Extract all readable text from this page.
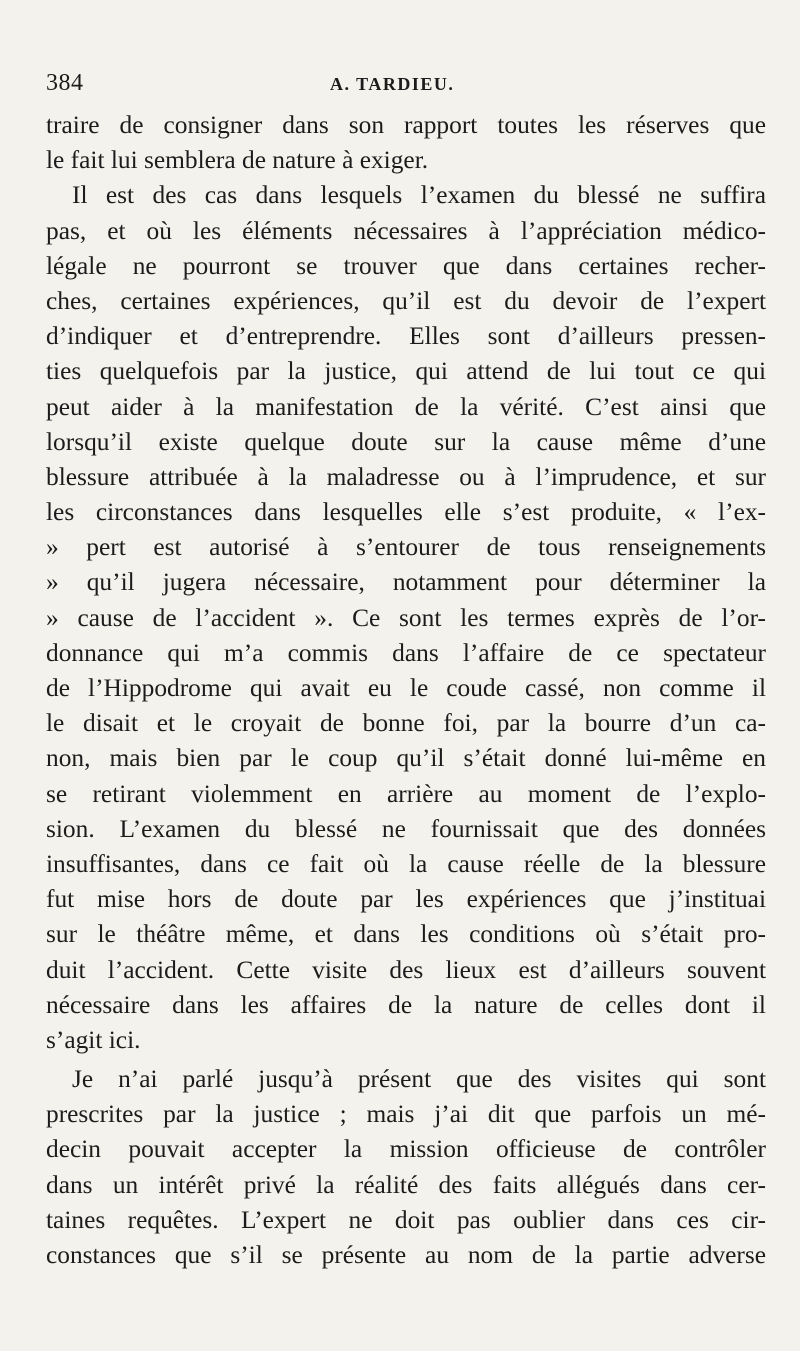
384	A. TARDIEU.
traire de consigner dans son rapport toutes les réserves que
le fait lui semblera de nature à exiger.
Il est des cas dans lesquels l’examen du blessé ne suffira
pas, et où les éléments nécessaires à l’appréciation médico-
légale ne pourront se trouver que dans certaines recher-
ches, certaines expériences, qu’il est du devoir de l’expert
d’indiquer et d’entreprendre. Elles sont d’ailleurs pressen-
ties quelquefois par la justice, qui attend de lui tout ce qui
peut aider à la manifestation de la vérité. C’est ainsi que
lorsqu’il existe quelque doute sur la cause même d’une
blessure attribuée à la maladresse ou à l’imprudence, et sur
les circonstances dans lesquelles elle s’est produite, « l’ex-
» pert est autorisé à s’entourer de tous renseignements
» qu’il jugera nécessaire, notamment pour déterminer la
» cause de l’accident ». Ce sont les termes exprès de l’or-
donnance qui m’a commis dans l’affaire de ce spectateur
de l’Hippodrome qui avait eu le coude cassé, non comme il
le disait et le croyait de bonne foi, par la bourre d’un ca-
non, mais bien par le coup qu’il s’était donné lui-même en
se retirant violemment en arrière au moment de l’explo-
sion. L’examen du blessé ne fournissait que des données
insuffisantes, dans ce fait où la cause réelle de la blessure
fut mise hors de doute par les expériences que j’instituai
sur le théâtre même, et dans les conditions où s’était pro-
duit l’accident. Cette visite des lieux est d’ailleurs souvent
nécessaire dans les affaires de la nature de celles dont il
s’agit ici.
Je n’ai parlé jusqu’à présent que des visites qui sont
prescrites par la justice ; mais j’ai dit que parfois un mé-
decin pouvait accepter la mission officieuse de contrôler
dans un intérêt privé la réalité des faits allégués dans cer-
taines requêtes. L’expert ne doit pas oublier dans ces cir-
constances que s’il se présente au nom de la partie adverse
